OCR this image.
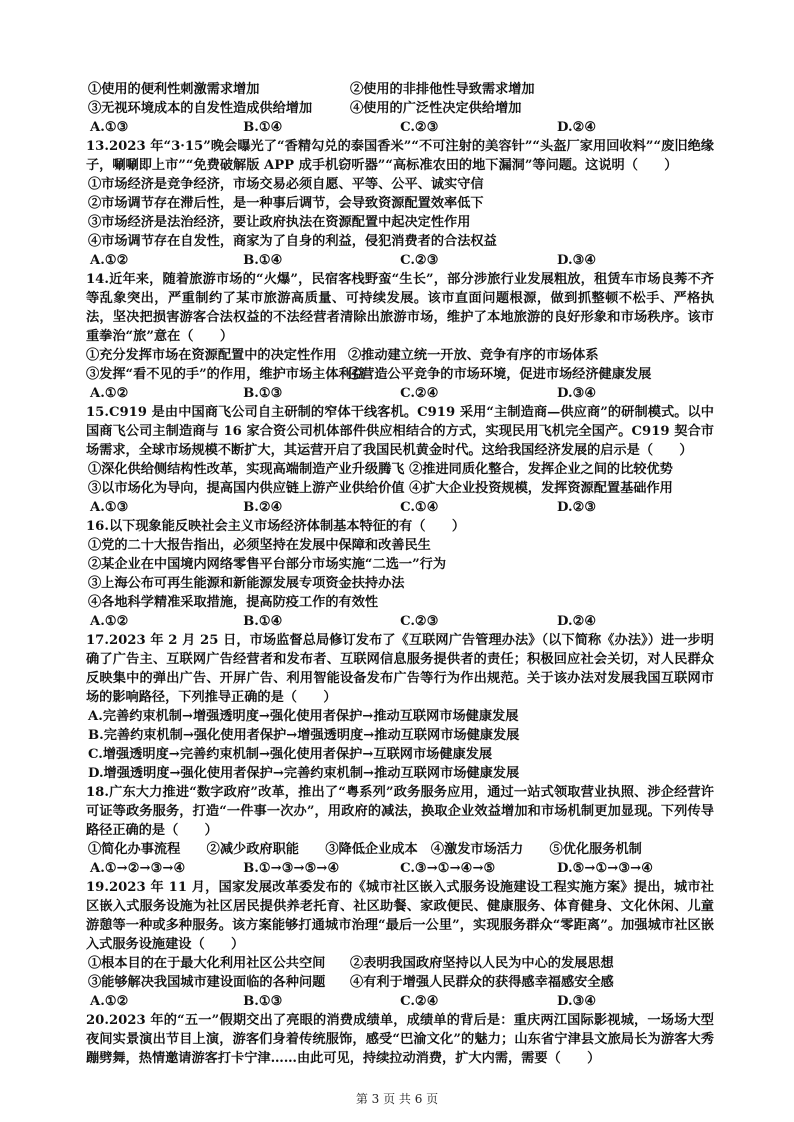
①使用的便利性刺激需求增加	②使用的非排他性导致需求增加
③无视环境成本的自发性造成供给增加	④使用的广泛性决定供给增加
A.①③	B.①④	C.②③	D.②④

13.2023 年“3·15”晚会曝光了“香精勾兑的泰国香米”“不可注射的美容针”“头盔厂家用回收料”“废旧绝缘子，唰唰即上市”“免费破解版 APP 成手机窃听器”“高标准农田的地下漏洞”等问题。这说明（　　）

①市场经济是竞争经济，市场交易必须自愿、平等、公平、诚实守信

②市场调节存在滞后性，是一种事后调节，会导致资源配置效率低下

③市场经济是法治经济，要让政府执法在资源配置中起决定性作用

④市场调节存在自发性，商家为了自身的利益，侵犯消费者的合法权益

A.①②	B.①④	C.②③	D.③④

14.近年来，随着旅游市场的“火爆”，民宿客栈野蛮“生长”，部分涉旅行业发展粗放，租赁车市场良莠不齐等乱象突出，严重制约了某市旅游高质量、可持续发展。该市直面问题根源，做到抓整顿不松手、严格执法，坚决把损害游客合法权益的不法经营者清除出旅游市场，维护了本地旅游的良好形象和市场秩序。该市重拳治“旅”意在（　　）

①充分发挥市场在资源配置中的决定性作用 ②推动建立统一开放、竞争有序的市场体系
③发挥“看不见的手”的作用，维护市场主体利益
④营造公平竞争的市场环境，促进市场经济健康发展
A.①②	B.①③	C.②④	D.③④

15.C919 是由中国商飞公司自主研制的窄体干线客机。C919 采用“主制造商—供应商”的研制模式。以中国商飞公司主制造商与 16 家合资公司机体部件供应相结合的方式，实现民用飞机完全国产。C919 契合市场需求，全球市场规模不断扩大，其运营开启了我国民机黄金时代。这给我国经济发展的启示是（　　）

①深化供给侧结构性改革，实现高端制造产业升级腾飞 ②推进同质化整合，发挥企业之间的比较优势

③以市场化为导向，提高国内供应链上游产业供给价值 ④扩大企业投资规模，发挥资源配置基础作用

A.①③	B.②④	C.①④	D.②③

16.以下现象能反映社会主义市场经济体制基本特征的有（　　）

①党的二十大报告指出，必须坚持在发展中保障和改善民生

②某企业在中国境内网络零售平台部分市场实施“二选一”行为

③上海公布可再生能源和新能源发展专项资金扶持办法

④各地科学精准采取措施，提高防疫工作的有效性

A.①②	B.①④	C.②③	D.②④

17.2023 年 2 月 25 日，市场监督总局修订发布了《互联网广告管理办法》（以下简称《办法》）进一步明确了广告主、互联网广告经营者和发布者、互联网信息服务提供者的责任；积极回应社会关切，对人民群众反映集中的弹出广告、开屏广告、利用智能设备发布广告等行为作出规范。关于该办法对发展我国互联网市场的影响路径，下列推导正确的是（　　）

A.完善约束机制→增强透明度→强化使用者保护→推动互联网市场健康发展

B.完善约束机制→强化使用者保护→增强透明度→推动互联网市场健康发展

C.增强透明度→完善约束机制→强化使用者保护→互联网市场健康发展

D.增强透明度→强化使用者保护→完善约束机制→推动互联网市场健康发展

18.广东大力推进“数字政府”改革，推出了“粤系列”政务服务应用，通过一站式领取营业执照、涉企经营许可证等政务服务，打造“一件事一次办”，用政府的减法，换取企业效益增加和市场机制更加显现。下列传导路径正确的是（　　）

①简化办事流程　　②减少政府职能　　③降低企业成本　④激发市场活力　　⑤优化服务机制

A.①→②→③→④	B.①→③→⑤→④	C.③→①→④→⑤	D.⑤→①→③→④

19.2023 年 11 月，国家发展改革委发布的《城市社区嵌入式服务设施建设工程实施方案》提出，城市社区嵌入式服务设施为社区居民提供养老托育、社区助餐、家政便民、健康服务、体育健身、文化休闲、儿童游憩等一种或多种服务。该方案能够打通城市治理“最后一公里”，实现服务群众“零距离”。加强城市社区嵌入式服务设施建设（　　）

①根本目的在于最大化利用社区公共空间	②表明我国政府坚持以人民为中心的发展思想
③能够解决我国城市建设面临的各种问题	④有利于增强人民群众的获得感幸福感安全感
A.①②	B.①③	C.②④	D.③④

20.2023 年的“五一”假期交出了亮眼的消费成绩单，成绩单的背后是：重庆两江国际影视城，一场场大型夜间实景演出节目上演，游客们身着传统服饰，感受“巴渝文化”的魅力；山东省宁津县文旅局长为游客大秀蹦劈舞，热情邀请游客打卡宁津……由此可见，持续拉动消费，扩大内需，需要（　　）

第 3 页 共 6 页
